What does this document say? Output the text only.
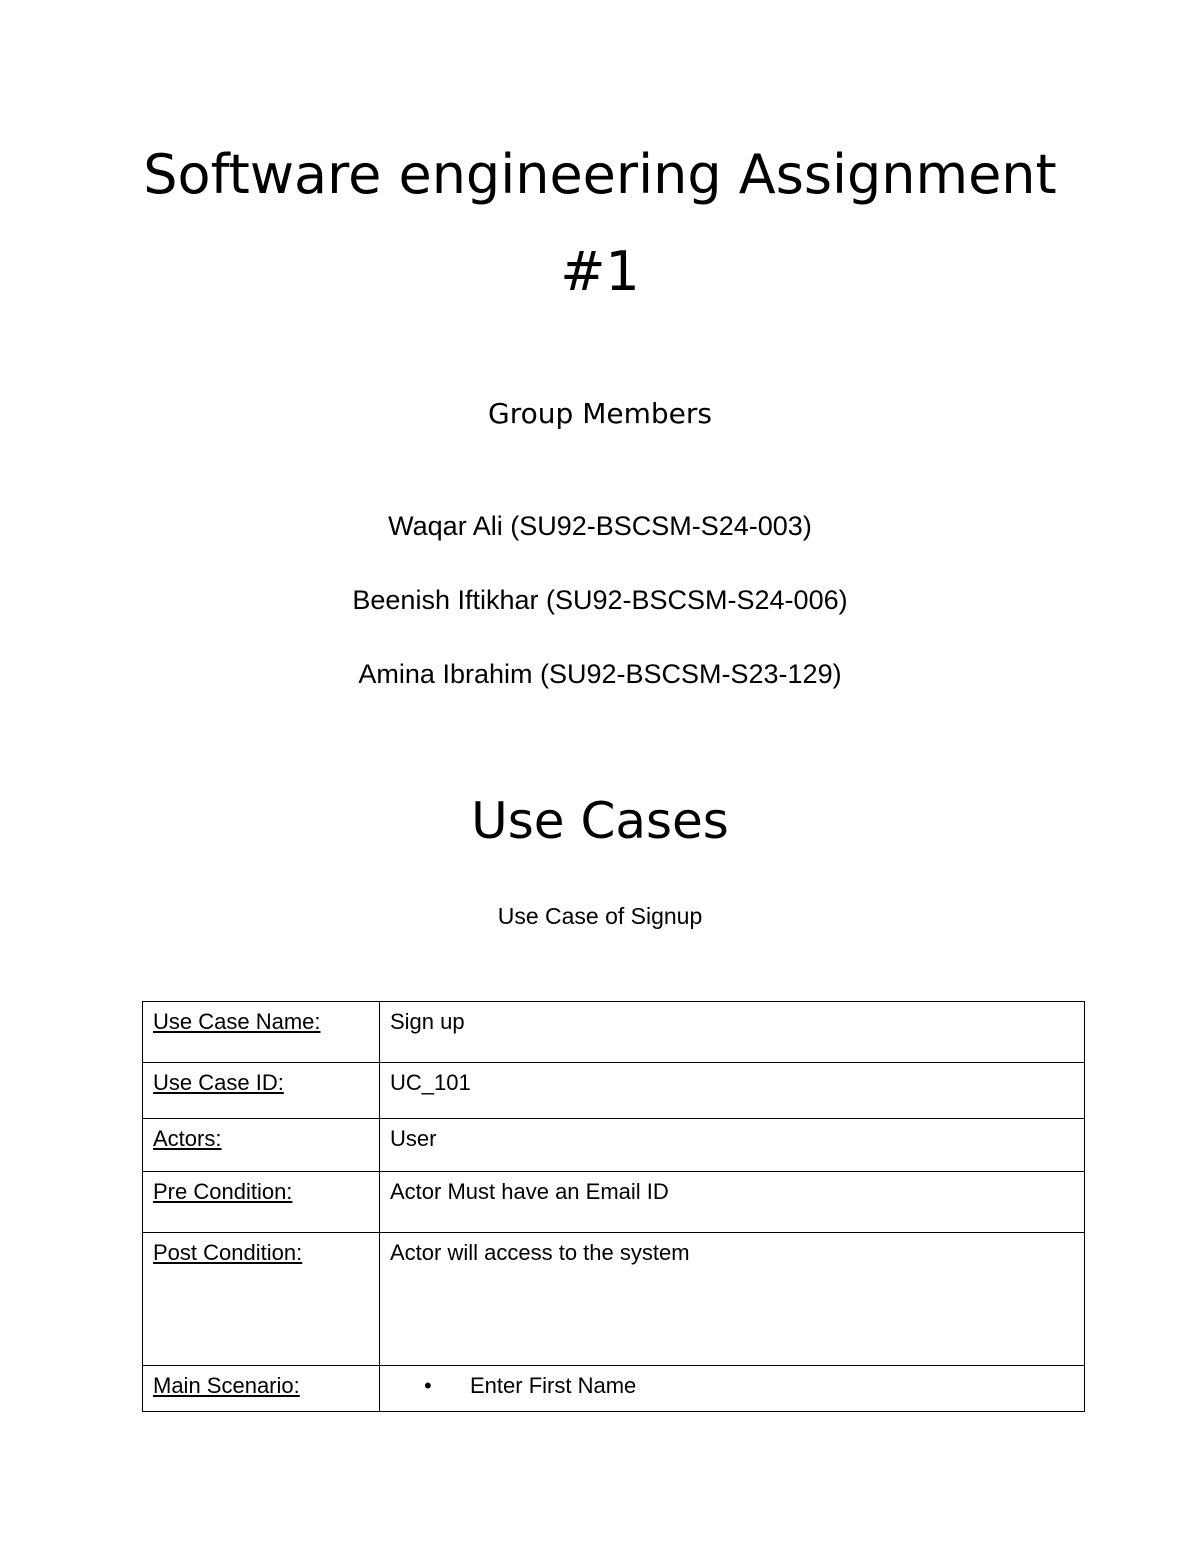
Software engineering Assignment
#1
Group Members
Waqar Ali (SU92-BSCSM-S24-003)
Beenish Iftikhar (SU92-BSCSM-S24-006)
Amina Ibrahim (SU92-BSCSM-S23-129)
Use Cases
Use Case of Signup
Use Case Name:	Sign up
Use Case ID:	UC_101
Actors:	User
Pre Condition:	Actor Must have an Email ID
Post Condition:	Actor will access to the system
Main Scenario:	• Enter First Name
